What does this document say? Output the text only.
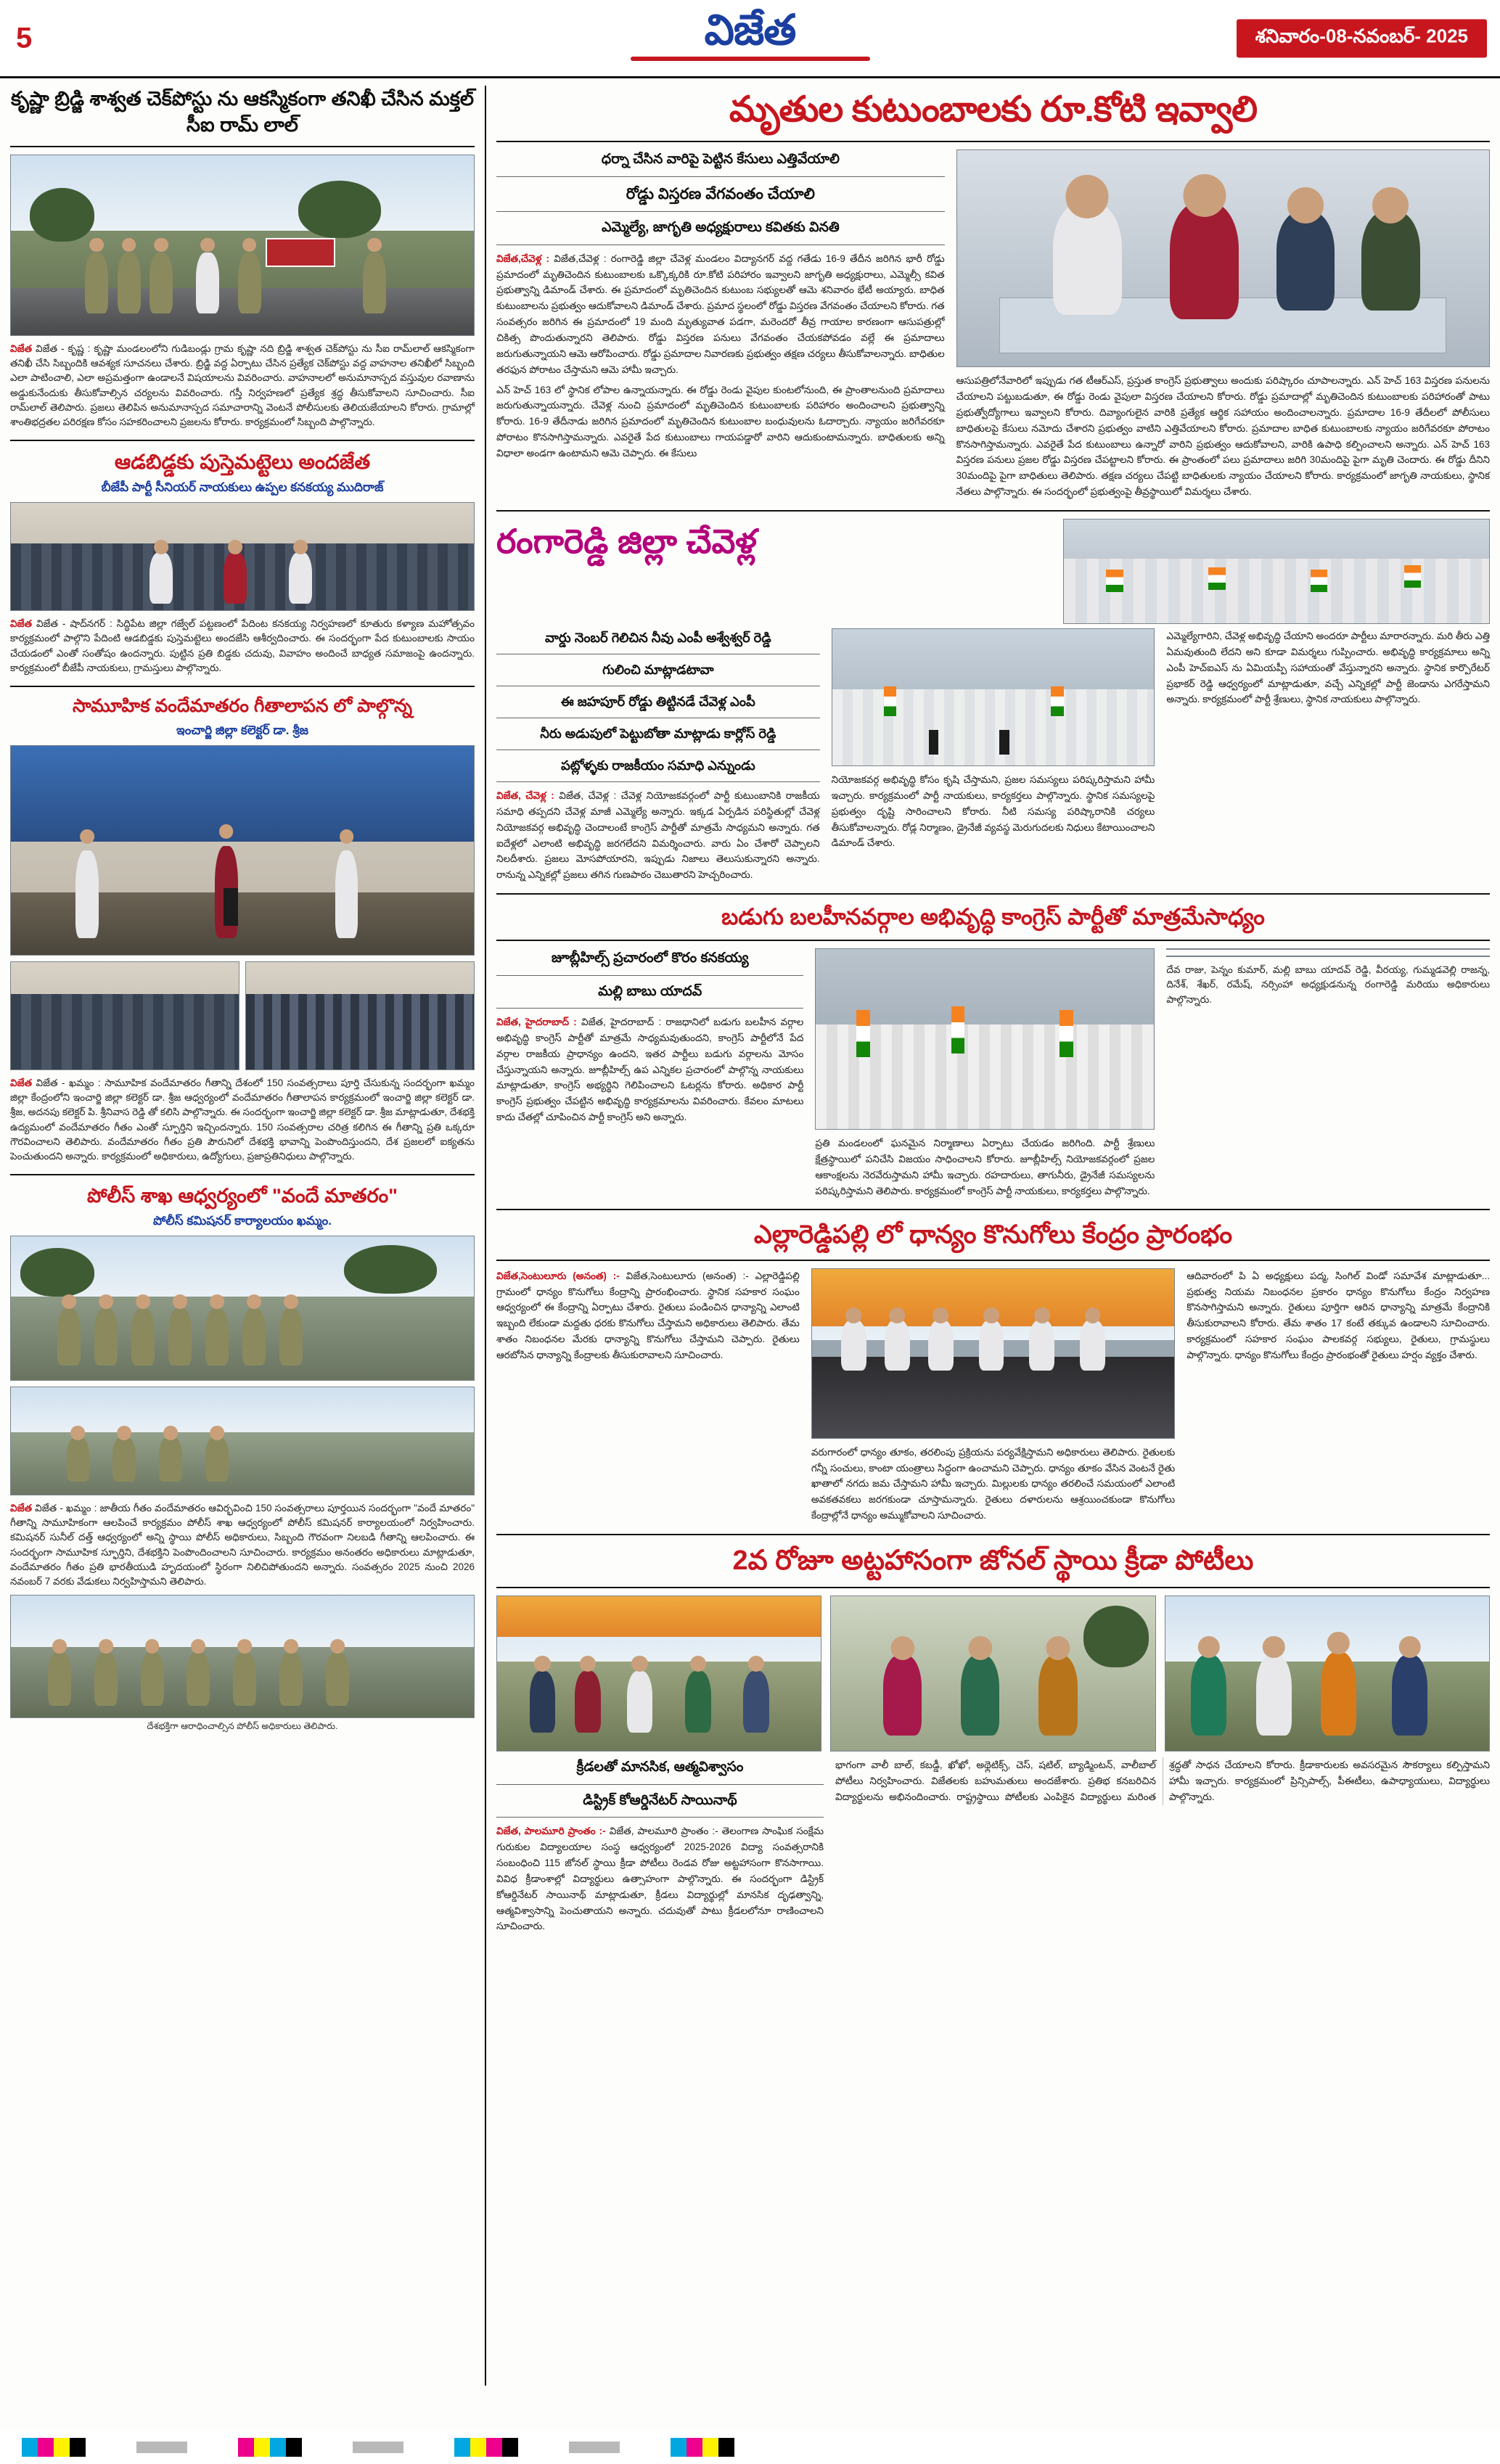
5	విజేత	శనివారం-08-నవంబర్- 2025
కృష్ణా బ్రిడ్జి శాశ్వత చెక్‌పోస్టు ను ఆకస్మికంగా తనిఖీ చేసిన మక్తల్ సీఐ రామ్ లాల్
విజేత విజేత - కృష్ణ : కృష్ణా మండలంలోని గుడిబండ్లు గ్రామ కృష్ణా నది బ్రిడ్జి శాశ్వత చెక్‌పోస్టు ను సీఐ రామ్‌లాల్ ఆకస్మికంగా తనిఖీ చేసి సిబ్బందికి ఆవశ్యక సూచనలు చేశారు. బ్రిడ్జి వద్ద ఏర్పాటు చేసిన ప్రత్యేక చెక్‌పోస్టు వద్ద వాహనాల తనిఖీలో సిబ్బంది ఎలా పాటించాలి, ఎలా అప్రమత్తంగా ఉండాలనే విషయాలను వివరించారు. వాహనాలలో అనుమానాస్పద వస్తువుల రవాణాను అడ్డుకునేందుకు తీసుకోవాల్సిన చర్యలను వివరించారు. గస్తీ నిర్వహణలో ప్రత్యేక శ్రద్ధ తీసుకోవాలని సూచించారు. సీఐ రామ్‌లాల్ తెలిపారు. ప్రజలు తెలిపిన అనుమానాస్పద సమాచారాన్ని వెంటనే పోలీసులకు తెలియజేయాలని కోరారు. గ్రామాల్లో శాంతిభద్రతల పరిరక్షణ కోసం సహకరించాలని ప్రజలను కోరారు. కార్యక్రమంలో సిబ్బంది పాల్గొన్నారు.
ఆడబిడ్డకు పుస్తెమట్టెలు అందజేత
బీజేపీ పార్టీ సీనియర్ నాయకులు ఉప్పల కనకయ్య ముదిరాజ్
విజేత విజేత - షాద్‌నగర్ : సిద్ధిపేట జిల్లా గజ్వేల్ పట్టణంలో పేదింట కనకయ్య నిర్వహణలో కూతురు కళ్యాణ మహోత్సవం కార్యక్రమంలో పాల్గొని పేదింటి ఆడబిడ్డకు పుస్తెమట్టెలు అందజేసి ఆశీర్వదించారు. ఈ సందర్భంగా పేద కుటుంబాలకు సాయం చేయడంలో ఎంతో సంతోషం ఉందన్నారు. పుట్టిన ప్రతి బిడ్డకు చదువు, వివాహం అందించే బాధ్యత సమాజంపై ఉందన్నారు. కార్యక్రమంలో బీజేపీ నాయకులు, గ్రామస్తులు పాల్గొన్నారు.
సామూహిక వందేమాతరం గీతాలాపన లో పాల్గొన్న
ఇంచార్జి జిల్లా కలెక్టర్ డా. శ్రీజ
విజేత విజేత - ఖమ్మం : సామూహిక వందేమాతరం గీతాన్ని దేశంలో 150 సంవత్సరాలు పూర్తి చేసుకున్న సందర్భంగా ఖమ్మం జిల్లా కేంద్రంలోని ఇంచార్జి జిల్లా కలెక్టర్ డా. శ్రీజ ఆధ్వర్యంలో వందేమాతరం గీతాలాపన కార్యక్రమంలో ఇంచార్జి జిల్లా కలెక్టర్ డా. శ్రీజ, అదనపు కలెక్టర్ పి. శ్రీనివాస రెడ్డి తో కలిసి పాల్గొన్నారు. ఈ సందర్భంగా ఇంచార్జి జిల్లా కలెక్టర్ డా. శ్రీజ మాట్లాడుతూ, దేశభక్తి ఉద్యమంలో వందేమాతరం గీతం ఎంతో స్ఫూర్తిని ఇచ్చిందన్నారు. 150 సంవత్సరాల చరిత్ర కలిగిన ఈ గీతాన్ని ప్రతి ఒక్కరూ గౌరవించాలని తెలిపారు. వందేమాతరం గీతం ప్రతి పౌరునిలో దేశభక్తి భావాన్ని పెంపొందిస్తుందని, దేశ ప్రజలలో ఐక్యతను పెంచుతుందని అన్నారు. కార్యక్రమంలో అధికారులు, ఉద్యోగులు, ప్రజాప్రతినిధులు పాల్గొన్నారు.
పోలీస్ శాఖ ఆధ్వర్యంలో "వందే మాతరం"
పోలీస్ కమిషనర్ కార్యాలయం ఖమ్మం.
విజేత విజేత - ఖమ్మం : జాతీయ గీతం వందేమాతరం ఆవిర్భవించి 150 సంవత్సరాలు పూర్తయిన సందర్భంగా "వందే మాతరం" గీతాన్ని సామూహికంగా ఆలపించే కార్యక్రమం పోలీస్ శాఖ ఆధ్వర్యంలో పోలీస్ కమిషనర్ కార్యాలయంలో నిర్వహించారు. కమిషనర్ సునీల్ దత్త్ ఆధ్వర్యంలో అన్ని స్థాయి పోలీస్ అధికారులు, సిబ్బంది గౌరవంగా నిలబడి గీతాన్ని ఆలపించారు. ఈ సందర్భంగా సామూహిక స్ఫూర్తిని, దేశభక్తిని పెంపొందించాలని సూచించారు. కార్యక్రమం అనంతరం అధికారులు మాట్లాడుతూ, వందేమాతరం గీతం ప్రతి భారతీయుడి హృదయంలో స్థిరంగా నిలిచిపోతుందని అన్నారు. సంవత్సరం 2025 నుంచి 2026 నవంబర్ 7 వరకు వేడుకలు నిర్వహిస్తామని తెలిపారు.
దేశభక్తిగా ఆరాధించాల్సిన పోలీస్ అధికారులు తెలిపారు.
మృతుల కుటుంబాలకు రూ.కోటి ఇవ్వాలి
ధర్నా చేసిన వారిపై పెట్టిన కేసులు ఎత్తివేయాలి
రోడ్డు విస్తరణ వేగవంతం చేయాలి
ఎమ్మెల్యే, జాగృతి అధ్యక్షురాలు కవితకు వినతి
విజేత,చేవెళ్ల : విజేత,చేవెళ్ల : రంగారెడ్డి జిల్లా చేవెళ్ల మండలం విద్యానగర్ వద్ద గతేడు 16-9 తేదీన జరిగిన భారీ రోడ్డు ప్రమాదంలో మృతిచెందిన కుటుంబాలకు ఒక్కొక్కరికి రూ.కోటి పరిహారం ఇవ్వాలని జాగృతి అధ్యక్షురాలు, ఎమ్మెల్సీ కవిత ప్రభుత్వాన్ని డిమాండ్ చేశారు. ఈ ప్రమాదంలో మృతిచెందిన కుటుంబ సభ్యులతో ఆమె శనివారం భేటీ అయ్యారు. బాధిత కుటుంబాలను ప్రభుత్వం ఆదుకోవాలని డిమాండ్ చేశారు. ప్రమాద స్థలంలో రోడ్డు విస్తరణ వేగవంతం చేయాలని కోరారు. గత సంవత్సరం జరిగిన ఈ ప్రమాదంలో 19 మంది మృత్యువాత పడగా, మరెందరో తీవ్ర గాయాల కారణంగా ఆసుపత్రుల్లో చికిత్స పొందుతున్నారని తెలిపారు. రోడ్డు విస్తరణ పనులు వేగవంతం చేయకపోవడం వల్లే ఈ ప్రమాదాలు జరుగుతున్నాయని ఆమె ఆరోపించారు. రోడ్డు ప్రమాదాల నివారణకు ప్రభుత్వం తక్షణ చర్యలు తీసుకోవాలన్నారు. బాధితుల తరఫున పోరాటం చేస్తామని ఆమె హామీ ఇచ్చారు.
ఎన్ హెచ్ 163 లో స్థానిక లోపాల ఉన్నాయన్నారు. ఈ రోడ్డు రెండు వైపుల కుంటలోనుంది, ఈ ప్రాంతాలనుంది ప్రమాదాలు జరుగుతున్నాయన్నారు. చేవెళ్ల నుంచి ప్రమాదంలో మృతిచెందిన కుటుంబాలకు పరిహారం అందించాలని ప్రభుత్వాన్ని కోరారు. 16-9 తేదీనాడు జరిగిన ప్రమాదంలో మృతిచెందిన కుటుంబాల బంధువులను ఓదార్చారు. న్యాయం జరిగేవరకూ పోరాటం కొనసాగిస్తామన్నారు. ఎవరైతే పేద కుటుంబాలు గాయపడ్డారో వారిని ఆదుకుంటామన్నారు. బాధితులకు అన్ని విధాలా అండగా ఉంటామని ఆమె చెప్పారు. ఈ కేసులు
ఆసుపత్రిలోనేవారిలో ఇప్పుడు గత టీఆర్ఎస్, ప్రస్తుత కాంగ్రెస్ ప్రభుత్వాలు అందుకు పరిష్కారం చూపాలన్నారు. ఎన్ హెచ్ 163 విస్తరణ పనులను చేయాలని పట్టుబడుతూ, ఈ రోడ్డు రెండు వైపులా విస్తరణ చేయాలని కోరారు. రోడ్డు ప్రమాదాల్లో మృతిచెందిన కుటుంబాలకు పరిహారంతో పాటు ప్రభుత్వోద్యోగాలు ఇవ్వాలని కోరారు. దివ్యాంగులైన వారికి ప్రత్యేక ఆర్థిక సహాయం అందించాలన్నారు. ప్రమాదాల 16-9 తేదీలలో పోలీసులు బాధితులపై కేసులు నమోదు చేశారని ప్రభుత్వం వాటిని ఎత్తివేయాలని కోరారు. ప్రమాదాల బాధిత కుటుంబాలకు న్యాయం జరిగేవరకూ పోరాటం కొనసాగిస్తామన్నారు. ఎవరైతే పేద కుటుంబాలు ఉన్నారో వారిని ప్రభుత్వం ఆదుకోవాలని, వారికి ఉపాధి కల్పించాలని అన్నారు. ఎన్ హెచ్ 163 విస్తరణ పనులు ప్రజల రోడ్డు విస్తరణ చేపట్టాలని కోరారు. ఈ ప్రాంతంలో పలు ప్రమాదాలు జరిగి 30మందిపై పైగా మృతి చెందారు. ఈ రోడ్డు దీనిని 30మందిపై పైగా బాధితులు తెలిపారు. తక్షణ చర్యలు చేపట్టి బాధితులకు న్యాయం చేయాలని కోరారు. కార్యక్రమంలో జాగృతి నాయకులు, స్థానిక నేతలు పాల్గొన్నారు. ఈ సందర్భంలో ప్రభుత్వంపై తీవ్రస్థాయిలో విమర్శలు చేశారు.
రంగారెడ్డి జిల్లా చేవెళ్ల
వార్డు నెంబర్ గెలిచిన నీవు ఎంపీ అశ్వేశ్వర్ రెడ్డి
గులించి మాట్లాడటావా
ఈ జహపూర్ రోడ్డు తిట్టినడే చేవెళ్ల ఎంపీ
నీరు అడుపులో పెట్టుబోతా మాట్లాడు కార్లోస్ రెడ్డి
పట్లోళ్ళకు రాజకీయం సమాధి ఎన్నుండు
విజేత, చేవెళ్ల : విజేత, చేవెళ్ల : చేవెళ్ల నియోజకవర్గంలో పార్టీ కుటుంబానికి రాజకీయ సమాధి తప్పదని చేవెళ్ల మాజీ ఎమ్మెల్యే అన్నారు. ఇక్కడ ఏర్పడిన పరిస్థితుల్లో చేవెళ్ల నియోజకవర్గ అభివృద్ధి చెందాలంటే కాంగ్రెస్ పార్టీతో మాత్రమే సాధ్యమని అన్నారు. గత ఐదేళ్లలో ఎలాంటి అభివృద్ధి జరగలేదని విమర్శించారు. వారు ఏం చేశారో చెప్పాలని నిలదీశారు. ప్రజలు మోసపోయారని, ఇప్పుడు నిజాలు తెలుసుకున్నారని అన్నారు. రానున్న ఎన్నికల్లో ప్రజలు తగిన గుణపాఠం చెబుతారని హెచ్చరించారు.
నియోజకవర్గ అభివృద్ధి కోసం కృషి చేస్తామని, ప్రజల సమస్యలు పరిష్కరిస్తామని హామీ ఇచ్చారు. కార్యక్రమంలో పార్టీ నాయకులు, కార్యకర్తలు పాల్గొన్నారు. స్థానిక సమస్యలపై ప్రభుత్వం దృష్టి సారించాలని కోరారు. నీటి సమస్య పరిష్కారానికి చర్యలు తీసుకోవాలన్నారు. రోడ్ల నిర్మాణం, డ్రైనేజీ వ్యవస్థ మెరుగుదలకు నిధులు కేటాయించాలని డిమాండ్ చేశారు.
ఎమ్మెల్యేగారిని, చేవెళ్ల అభివృద్ధి చేయాని అందరూ పార్టీలు మారారన్నారు. మరి తీరు ఎత్తి ఏమవుతుంది లేదని అని కూడా విమర్శలు గుప్పించారు. అభివృద్ధి కార్యక్రమాలు అన్ని ఎంపీ హెచ్ఐఎస్ ను ఏమియప్పీ సహాయంతో వేస్తున్నారని అన్నారు. స్థానిక కార్పొరేటర్ ప్రభాకర్ రెడ్డి ఆధ్వర్యంలో మాట్లాడుతూ, వచ్చే ఎన్నికల్లో పార్టీ జెండాను ఎగరేస్తామని అన్నారు. కార్యక్రమంలో పార్టీ శ్రేణులు, స్థానిక నాయకులు పాల్గొన్నారు.
బడుగు బలహీనవర్గాల అభివృద్ధి కాంగ్రెస్ పార్టీతో మాత్రమేసాధ్యం
జూబ్లీహిల్స్ ప్రచారంలో కొరం కనకయ్య
మల్లి బాబు యాదవ్
విజేత, హైదరాబాద్ : విజేత, హైదరాబాద్ : రాజధానిలో బడుగు బలహీన వర్గాల అభివృద్ధి కాంగ్రెస్ పార్టీతో మాత్రమే సాధ్యమవుతుందని, కాంగ్రెస్ పార్టీలోనే పేద వర్గాల రాజకీయ ప్రాధాన్యం ఉందని, ఇతర పార్టీలు బడుగు వర్గాలను మోసం చేస్తున్నాయని అన్నారు. జూబ్లీహిల్స్ ఉప ఎన్నికల ప్రచారంలో పాల్గొన్న నాయకులు మాట్లాడుతూ, కాంగ్రెస్ అభ్యర్థిని గెలిపించాలని ఓటర్లను కోరారు. అధికార పార్టీ కాంగ్రెస్ ప్రభుత్వం చేపట్టిన అభివృద్ధి కార్యక్రమాలను వివరించారు. కేవలం మాటలు కాదు చేతల్లో చూపించిన పార్టీ కాంగ్రెస్ అని అన్నారు.
ప్రతి మండలంలో ఘనమైన నిర్మాణాలు ఏర్పాటు చేయడం జరిగింది. పార్టీ శ్రేణులు క్షేత్రస్థాయిలో పనిచేసి విజయం సాధించాలని కోరారు. జూబ్లీహిల్స్ నియోజకవర్గంలో ప్రజల ఆకాంక్షలను నెరవేరుస్తామని హామీ ఇచ్చారు. రహదారులు, తాగునీరు, డ్రైనేజీ సమస్యలను పరిష్కరిస్తామని తెలిపారు. కార్యక్రమంలో కాంగ్రెస్ పార్టీ నాయకులు, కార్యకర్తలు పాల్గొన్నారు.
దేవ రాజు, పెన్నం కుమార్, మల్లి బాబు యాదవ్ రెడ్డి, వీరయ్య, గుమ్మడవెల్లి రాజన్న, దినేశ్, శేఖర్, రమేష్, నర్సింహా అధ్యక్షుడనున్న రంగారెడ్డి మరియు అధికారులు పాల్గొన్నారు.
ఎల్లారెడ్డిపల్లి లో ధాన్యం కొనుగోలు కేంద్రం ప్రారంభం
విజేత,సెంటులూరు (అనంత) :- విజేత,సెంటులూరు (అనంత) :- ఎల్లారెడ్డిపల్లి గ్రామంలో ధాన్యం కొనుగోలు కేంద్రాన్ని ప్రారంభించారు. స్థానిక సహకార సంఘం ఆధ్వర్యంలో ఈ కేంద్రాన్ని ఏర్పాటు చేశారు. రైతులు పండించిన ధాన్యాన్ని ఎలాంటి ఇబ్బంది లేకుండా మద్దతు ధరకు కొనుగోలు చేస్తామని అధికారులు తెలిపారు. తేమ శాతం నిబంధనల మేరకు ధాన్యాన్ని కొనుగోలు చేస్తామని చెప్పారు. రైతులు ఆరబోసిన ధాన్యాన్ని కేంద్రాలకు తీసుకురావాలని సూచించారు.
వరుగారంలో ధాన్యం తూకం, తరలింపు ప్రక్రియను పర్యవేక్షిస్తామని అధికారులు తెలిపారు. రైతులకు గన్నీ సంచులు, కాంటా యంత్రాలు సిద్ధంగా ఉంచామని చెప్పారు. ధాన్యం తూకం వేసిన వెంటనే రైతు ఖాతాలో నగదు జమ చేస్తామని హామీ ఇచ్చారు. మిల్లులకు ధాన్యం తరలించే సమయంలో ఎలాంటి అవకతవకలు జరగకుండా చూస్తామన్నారు. రైతులు దళారులను ఆశ్రయించకుండా కొనుగోలు కేంద్రాల్లోనే ధాన్యం అమ్ముకోవాలని సూచించారు.
ఆదివారంలో పి ఏ అధ్యక్షులు పద్మ, సింగిల్ విండో సమావేశ మాట్లాడుతూ... ప్రభుత్వ నియమ నిబంధనల ప్రకారం ధాన్యం కొనుగోలు కేంద్రం నిర్వహణ కొనసాగిస్తామని అన్నారు. రైతులు పూర్తిగా ఆరిన ధాన్యాన్ని మాత్రమే కేంద్రానికి తీసుకురావాలని కోరారు. తేమ శాతం 17 కంటే తక్కువ ఉండాలని సూచించారు. కార్యక్రమంలో సహకార సంఘం పాలకవర్గ సభ్యులు, రైతులు, గ్రామస్థులు పాల్గొన్నారు. ధాన్యం కొనుగోలు కేంద్రం ప్రారంభంతో రైతులు హర్షం వ్యక్తం చేశారు.
2వ రోజూ అట్టహాసంగా జోనల్ స్థాయి క్రీడా పోటీలు
క్రీడలతో మానసిక, ఆత్మవిశ్వాసం
డిస్ట్రిక్ కోఆర్డినేటర్ సాయినాథ్
విజేత, పాలమూరి ప్రాంతం :- విజేత, పాలమూరి ప్రాంతం :- తెలంగాణ సాంఘిక సంక్షేమ గురుకుల విద్యాలయాల సంస్థ ఆధ్వర్యంలో 2025-2026 విద్యా సంవత్సరానికి సంబంధించి 115 జోనల్ స్థాయి క్రీడా పోటీలు రెండవ రోజు అట్టహాసంగా కొనసాగాయి. వివిధ క్రీడాంశాల్లో విద్యార్థులు ఉత్సాహంగా పాల్గొన్నారు. ఈ సందర్భంగా డిస్ట్రిక్ కోఆర్డినేటర్ సాయినాథ్ మాట్లాడుతూ, క్రీడలు విద్యార్థుల్లో మానసిక దృఢత్వాన్ని, ఆత్మవిశ్వాసాన్ని పెంచుతాయని అన్నారు. చదువుతో పాటు క్రీడలలోనూ రాణించాలని సూచించారు.
భాగంగా వాలీ బాల్, కబడ్డీ, ఖోఖో, అథ్లెటిక్స్, చెస్, షటిల్, బ్యాడ్మింటన్, వాలీబాల్ పోటీలు నిర్వహించారు. విజేతలకు బహుమతులు అందజేశారు. ప్రతిభ కనబరిచిన విద్యార్థులను అభినందించారు. రాష్ట్రస్థాయి పోటీలకు ఎంపికైన విద్యార్థులు మరింత శ్రద్ధతో సాధన చేయాలని కోరారు. క్రీడాకారులకు అవసరమైన సౌకర్యాలు కల్పిస్తామని హామీ ఇచ్చారు. కార్యక్రమంలో ప్రిన్సిపాల్స్, పీఈటీలు, ఉపాధ్యాయులు, విద్యార్థులు పాల్గొన్నారు.
